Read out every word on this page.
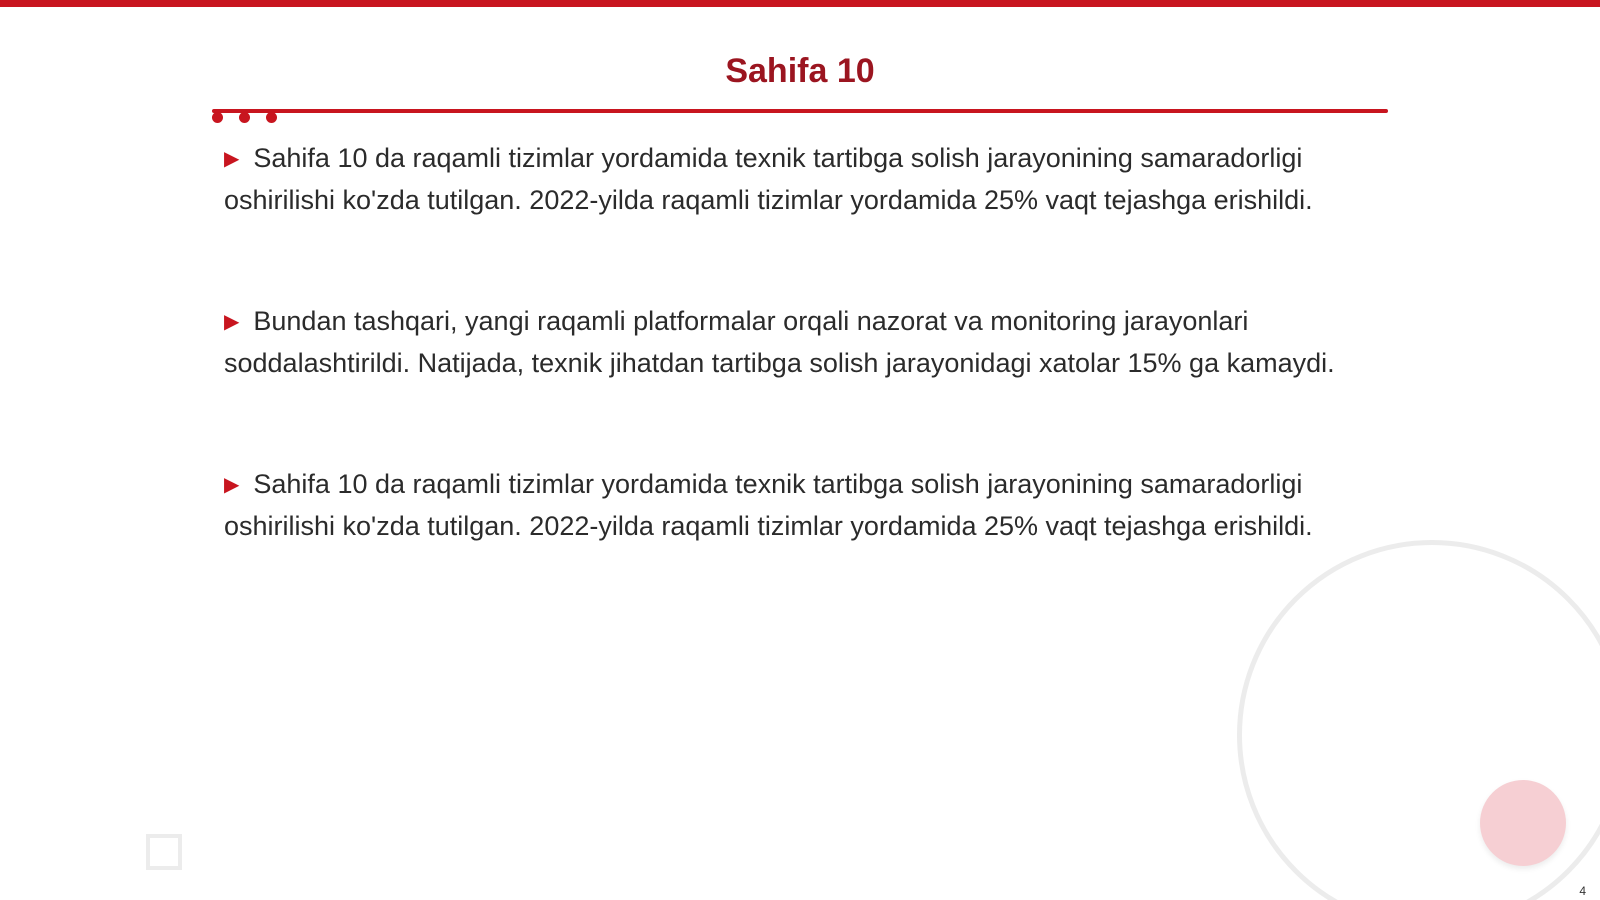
Sahifa 10

▶ Sahifa 10 da raqamli tizimlar yordamida texnik tartibga solish jarayonining samaradorligi oshirilishi ko'zda tutilgan. 2022-yilda raqamli tizimlar yordamida 25% vaqt tejashga erishildi.

▶ Bundan tashqari, yangi raqamli platformalar orqali nazorat va monitoring jarayonlari soddalashtirildi. Natijada, texnik jihatdan tartibga solish jarayonidagi xatolar 15% ga kamaydi.

▶ Sahifa 10 da raqamli tizimlar yordamida texnik tartibga solish jarayonining samaradorligi oshirilishi ko'zda tutilgan. 2022-yilda raqamli tizimlar yordamida 25% vaqt tejashga erishildi.

4
